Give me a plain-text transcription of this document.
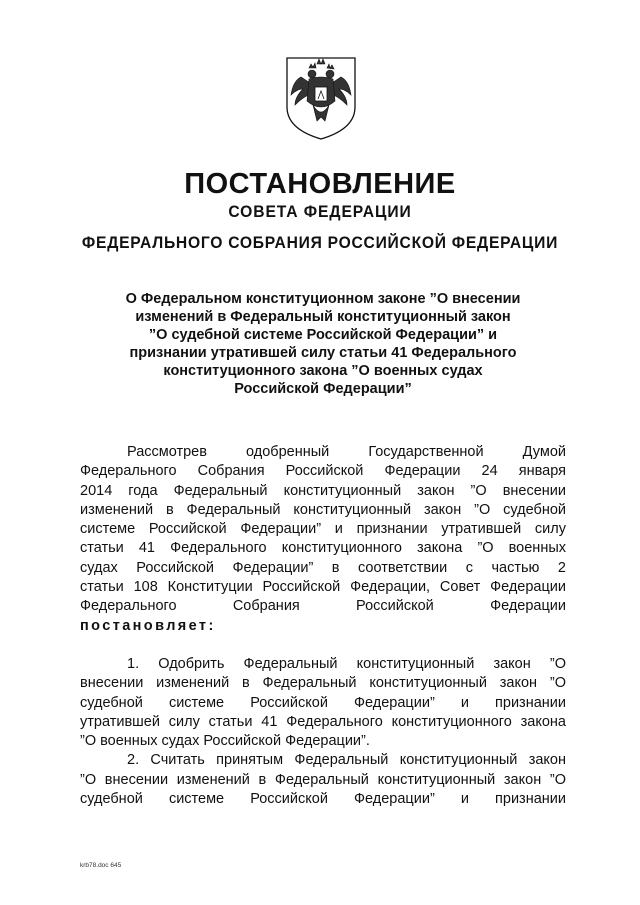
ПОСТАНОВЛЕНИЕ
СОВЕТА ФЕДЕРАЦИИ
ФЕДЕРАЛЬНОГО СОБРАНИЯ РОССИЙСКОЙ ФЕДЕРАЦИИ
О Федеральном конституционном законе ”О внесении
изменений в Федеральный конституционный закон
”О судебной системе Российской Федерации” и
признании утратившей силу статьи 41 Федерального
конституционного закона ”О военных судах
Российской Федерации”
Рассмотрев одобренный Государственной Думой
Федерального Собрания Российской Федерации 24 января
2014 года Федеральный конституционный закон ”О внесении
изменений в Федеральный конституционный закон ”О судебной
системе Российской Федерации” и признании утратившей силу
статьи 41 Федерального конституционного закона ”О военных
судах Российской Федерации” в соответствии с частью 2
статьи 108 Конституции Российской Федерации, Совет Федерации
Федерального Собрания Российской Федерации
постановляет:
1. Одобрить Федеральный конституционный закон ”О
внесении изменений в Федеральный конституционный закон ”О
судебной системе Российской Федерации” и признании
утратившей силу статьи 41 Федерального конституционного закона
”О военных судах Российской Федерации”.
2. Считать принятым Федеральный конституционный закон
”О внесении изменений в Федеральный конституционный закон ”О
судебной системе Российской Федерации” и признании
krb78.doc 645
